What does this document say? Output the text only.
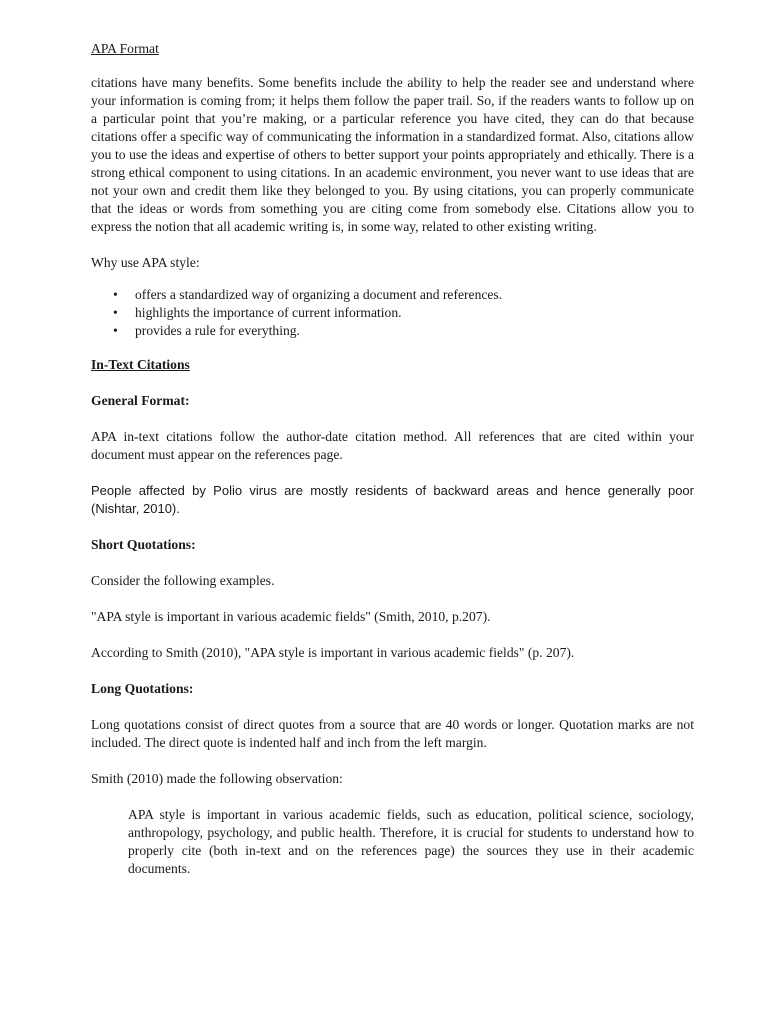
APA Format

citations have many benefits. Some benefits include the ability to help the reader see and understand where your information is coming from; it helps them follow the paper trail. So, if the readers wants to follow up on a particular point that you’re making, or a particular reference you have cited, they can do that because citations offer a specific way of communicating the information in a standardized format. Also, citations allow you to use the ideas and expertise of others to better support your points appropriately and ethically. There is a strong ethical component to using citations. In an academic environment, you never want to use ideas that are not your own and credit them like they belonged to you. By using citations, you can properly communicate that the ideas or words from something you are citing come from somebody else. Citations allow you to express the notion that all academic writing is, in some way, related to other existing writing.

Why use APA style:

• offers a standardized way of organizing a document and references.
• highlights the importance of current information.
• provides a rule for everything.
In-Text Citations
General Format:

APA in-text citations follow the author-date citation method. All references that are cited within your document must appear on the references page.

People affected by Polio virus are mostly residents of backward areas and hence generally poor (Nishtar, 2010).

Short Quotations:

Consider the following examples.

"APA style is important in various academic fields" (Smith, 2010, p.207).

According to Smith (2010), "APA style is important in various academic fields" (p. 207).

Long Quotations:

Long quotations consist of direct quotes from a source that are 40 words or longer. Quotation marks are not included. The direct quote is indented half and inch from the left margin.

Smith (2010) made the following observation:

APA style is important in various academic fields, such as education, political science, sociology, anthropology, psychology, and public health. Therefore, it is crucial for students to understand how to properly cite (both in-text and on the references page) the sources they use in their academic documents.
